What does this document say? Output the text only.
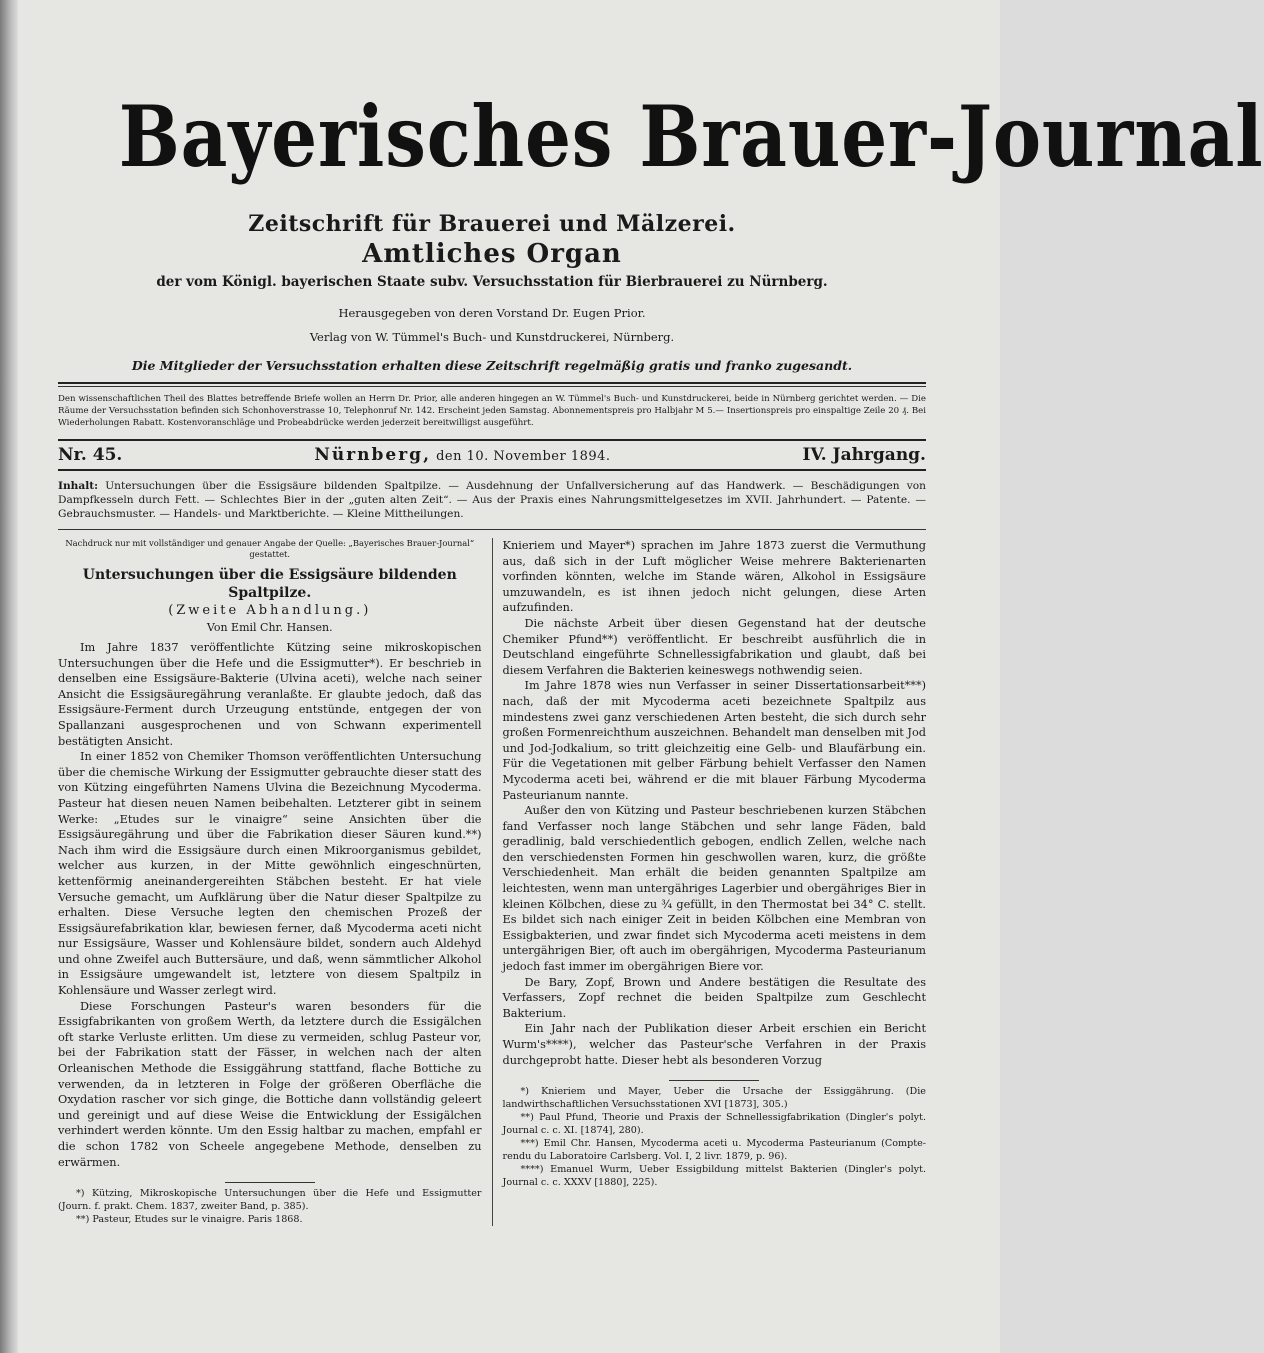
Bayerisches Brauer-Journal
Zeitschrift für Brauerei und Mälzerei.
Amtliches Organ
der vom Königl. bayerischen Staate subv. Versuchsstation für Bierbrauerei zu Nürnberg.
Herausgegeben von deren Vorstand Dr. Eugen Prior.
Verlag von W. Tümmel's Buch- und Kunstdruckerei, Nürnberg.
Die Mitglieder der Versuchsstation erhalten diese Zeitschrift regelmäßig gratis und franko zugesandt.
Den wissenschaftlichen Theil des Blattes betreffende Briefe wollen an Herrn Dr. Prior, alle anderen hingegen an W. Tümmel's Buch- und Kunstdruckerei, beide in Nürnberg gerichtet werden. — Die Räume der Versuchsstation befinden sich Schonhoverstrasse 10, Telephonruf Nr. 142. Erscheint jeden Samstag. Abonnementspreis pro Halbjahr M 5.— Insertionspreis pro einspaltige Zeile 20 ₰. Bei Wiederholungen Rabatt. Kostenvoranschläge und Probeabdrücke werden jederzeit bereitwilligst ausgeführt.
Nr. 45.	Nürnberg, den 10. November 1894.	IV. Jahrgang.
Inhalt: Untersuchungen über die Essigsäure bildenden Spaltpilze. — Ausdehnung der Unfallversicherung auf das Handwerk. — Beschädigungen von Dampfkesseln durch Fett. — Schlechtes Bier in der „guten alten Zeit“. — Aus der Praxis eines Nahrungsmittelgesetzes im XVII. Jahrhundert. — Patente. — Gebrauchsmuster. — Handels- und Marktberichte. — Kleine Mittheilungen.
Nachdruck nur mit vollständiger und genauer Angabe der Quelle: „Bayerisches Brauer-Journal“ gestattet.
Untersuchungen über die Essigsäure bildenden Spaltpilze.
(Zweite Abhandlung.)
Von Emil Chr. Hansen.

Im Jahre 1837 veröffentlichte Kützing seine mikroskopischen Untersuchungen über die Hefe und die Essigmutter*). Er beschrieb in denselben eine Essigsäure-Bakterie (Ulvina aceti), welche nach seiner Ansicht die Essigsäuregährung veranlaßte. Er glaubte jedoch, daß das Essigsäure-Ferment durch Urzeugung entstünde, entgegen der von Spallanzani ausgesprochenen und von Schwann experimentell bestätigten Ansicht.

In einer 1852 von Chemiker Thomson veröffentlichten Untersuchung über die chemische Wirkung der Essigmutter gebrauchte dieser statt des von Kützing eingeführten Namens Ulvina die Bezeichnung Mycoderma. Pasteur hat diesen neuen Namen beibehalten. Letzterer gibt in seinem Werke: „Etudes sur le vinaigre“ seine Ansichten über die Essigsäuregährung und über die Fabrikation dieser Säuren kund.**) Nach ihm wird die Essigsäure durch einen Mikroorganismus gebildet, welcher aus kurzen, in der Mitte gewöhnlich eingeschnürten, kettenförmig aneinandergereihten Stäbchen besteht. Er hat viele Versuche gemacht, um Aufklärung über die Natur dieser Spaltpilze zu erhalten. Diese Versuche legten den chemischen Prozeß der Essigsäurefabrikation klar, bewiesen ferner, daß Mycoderma aceti nicht nur Essigsäure, Wasser und Kohlensäure bildet, sondern auch Aldehyd und ohne Zweifel auch Buttersäure, und daß, wenn sämmtlicher Alkohol in Essigsäure umgewandelt ist, letztere von diesem Spaltpilz in Kohlensäure und Wasser zerlegt wird.

Diese Forschungen Pasteur's waren besonders für die Essigfabrikanten von großem Werth, da letztere durch die Essigälchen oft starke Verluste erlitten. Um diese zu vermeiden, schlug Pasteur vor, bei der Fabrikation statt der Fässer, in welchen nach der alten Orleanischen Methode die Essiggährung stattfand, flache Bottiche zu verwenden, da in letzteren in Folge der größeren Oberfläche die Oxydation rascher vor sich ginge, die Bottiche dann vollständig geleert und gereinigt und auf diese Weise die Entwicklung der Essigälchen verhindert werden könnte. Um den Essig haltbar zu machen, empfahl er die schon 1782 von Scheele angegebene Methode, denselben zu erwärmen.

*) Kützing, Mikroskopische Untersuchungen über die Hefe und Essigmutter (Journ. f. prakt. Chem. 1837, zweiter Band, p. 385).

**) Pasteur, Etudes sur le vinaigre. Paris 1868.

Knieriem und Mayer*) sprachen im Jahre 1873 zuerst die Vermuthung aus, daß sich in der Luft möglicher Weise mehrere Bakterienarten vorfinden könnten, welche im Stande wären, Alkohol in Essigsäure umzuwandeln, es ist ihnen jedoch nicht gelungen, diese Arten aufzufinden.

Die nächste Arbeit über diesen Gegenstand hat der deutsche Chemiker Pfund**) veröffentlicht. Er beschreibt ausführlich die in Deutschland eingeführte Schnellessigfabrikation und glaubt, daß bei diesem Verfahren die Bakterien keineswegs nothwendig seien.

Im Jahre 1878 wies nun Verfasser in seiner Dissertationsarbeit***) nach, daß der mit Mycoderma aceti bezeichnete Spaltpilz aus mindestens zwei ganz verschiedenen Arten besteht, die sich durch sehr großen Formenreichthum auszeichnen. Behandelt man denselben mit Jod und Jod-Jodkalium, so tritt gleichzeitig eine Gelb- und Blaufärbung ein. Für die Vegetationen mit gelber Färbung behielt Verfasser den Namen Mycoderma aceti bei, während er die mit blauer Färbung Mycoderma Pasteurianum nannte.

Außer den von Kützing und Pasteur beschriebenen kurzen Stäbchen fand Verfasser noch lange Stäbchen und sehr lange Fäden, bald geradlinig, bald verschiedentlich gebogen, endlich Zellen, welche nach den verschiedensten Formen hin geschwollen waren, kurz, die größte Verschiedenheit. Man erhält die beiden genannten Spaltpilze am leichtesten, wenn man untergähriges Lagerbier und obergähriges Bier in kleinen Kölbchen, diese zu ¾ gefüllt, in den Thermostat bei 34° C. stellt. Es bildet sich nach einiger Zeit in beiden Kölbchen eine Membran von Essigbakterien, und zwar findet sich Mycoderma aceti meistens in dem untergährigen Bier, oft auch im obergährigen, Mycoderma Pasteurianum jedoch fast immer im obergährigen Biere vor.

De Bary, Zopf, Brown und Andere bestätigen die Resultate des Verfassers, Zopf rechnet die beiden Spaltpilze zum Geschlecht Bakterium.

Ein Jahr nach der Publikation dieser Arbeit erschien ein Bericht Wurm's****), welcher das Pasteur'sche Verfahren in der Praxis durchgeprobt hatte. Dieser hebt als besonderen Vorzug

*) Knieriem und Mayer, Ueber die Ursache der Essiggährung. (Die landwirthschaftlichen Versuchsstationen XVI [1873], 305.)

**) Paul Pfund, Theorie und Praxis der Schnellessigfabrikation (Dingler's polyt. Journal c. c. XI. [1874], 280).

***) Emil Chr. Hansen, Mycoderma aceti u. Mycoderma Pasteurianum (Compte-rendu du Laboratoire Carlsberg. Vol. I, 2 livr. 1879, p. 96).

****) Emanuel Wurm, Ueber Essigbildung mittelst Bakterien (Dingler's polyt. Journal c. c. XXXV [1880], 225).
